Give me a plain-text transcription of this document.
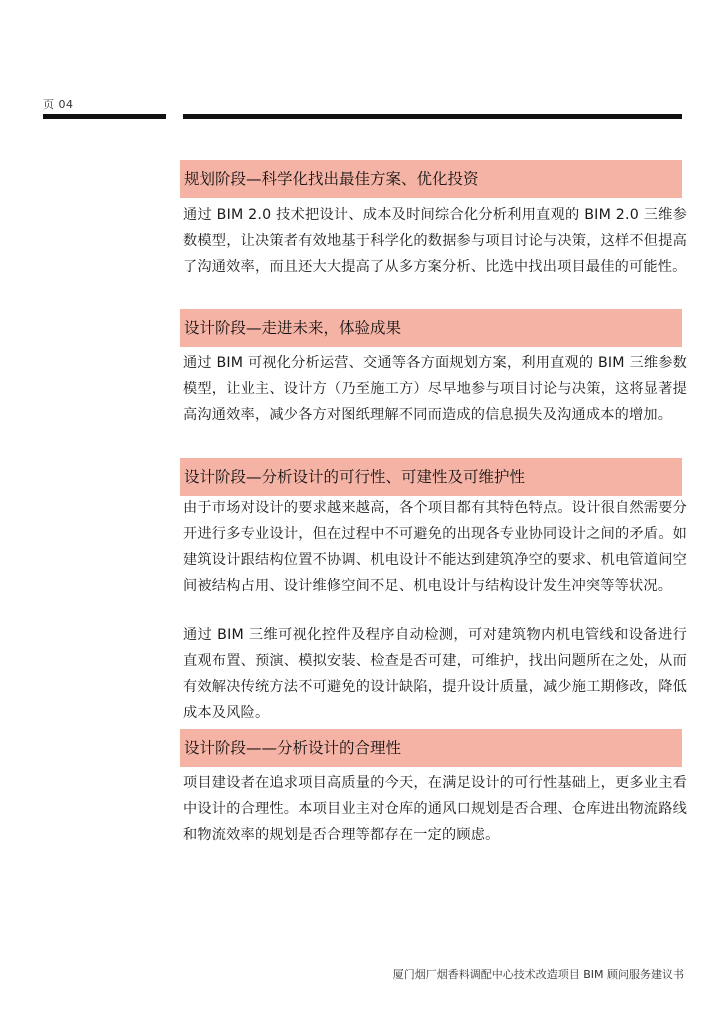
页 04
规划阶段—科学化找出最佳方案、优化投资

通过 BIM 2.0 技术把设计、成本及时间综合化分析利用直观的 BIM 2.0 三维参数模型，让决策者有效地基于科学化的数据参与项目讨论与决策，这样不但提高了沟通效率，而且还大大提高了从多方案分析、比选中找出项目最佳的可能性。

设计阶段—走进未来，体验成果

通过 BIM 可视化分析运营、交通等各方面规划方案，利用直观的 BIM 三维参数模型，让业主、设计方（乃至施工方）尽早地参与项目讨论与决策，这将显著提高沟通效率，减少各方对图纸理解不同而造成的信息损失及沟通成本的增加。

设计阶段—分析设计的可行性、可建性及可维护性

由于市场对设计的要求越来越高，各个项目都有其特色特点。设计很自然需要分开进行多专业设计，但在过程中不可避免的出现各专业协同设计之间的矛盾。如建筑设计跟结构位置不协调、机电设计不能达到建筑净空的要求、机电管道间空间被结构占用、设计维修空间不足、机电设计与结构设计发生冲突等等状况。

通过 BIM 三维可视化控件及程序自动检测，可对建筑物内机电管线和设备进行直观布置、预演、模拟安装、检查是否可建，可维护，找出问题所在之处，从而有效解决传统方法不可避免的设计缺陷，提升设计质量，减少施工期修改，降低成本及风险。

设计阶段——分析设计的合理性

项目建设者在追求项目高质量的今天，在满足设计的可行性基础上，更多业主看中设计的合理性。本项目业主对仓库的通风口规划是否合理、仓库进出物流路线和物流效率的规划是否合理等都存在一定的顾虑。

厦门烟厂烟香料调配中心技术改造项目 BIM 顾问服务建议书
